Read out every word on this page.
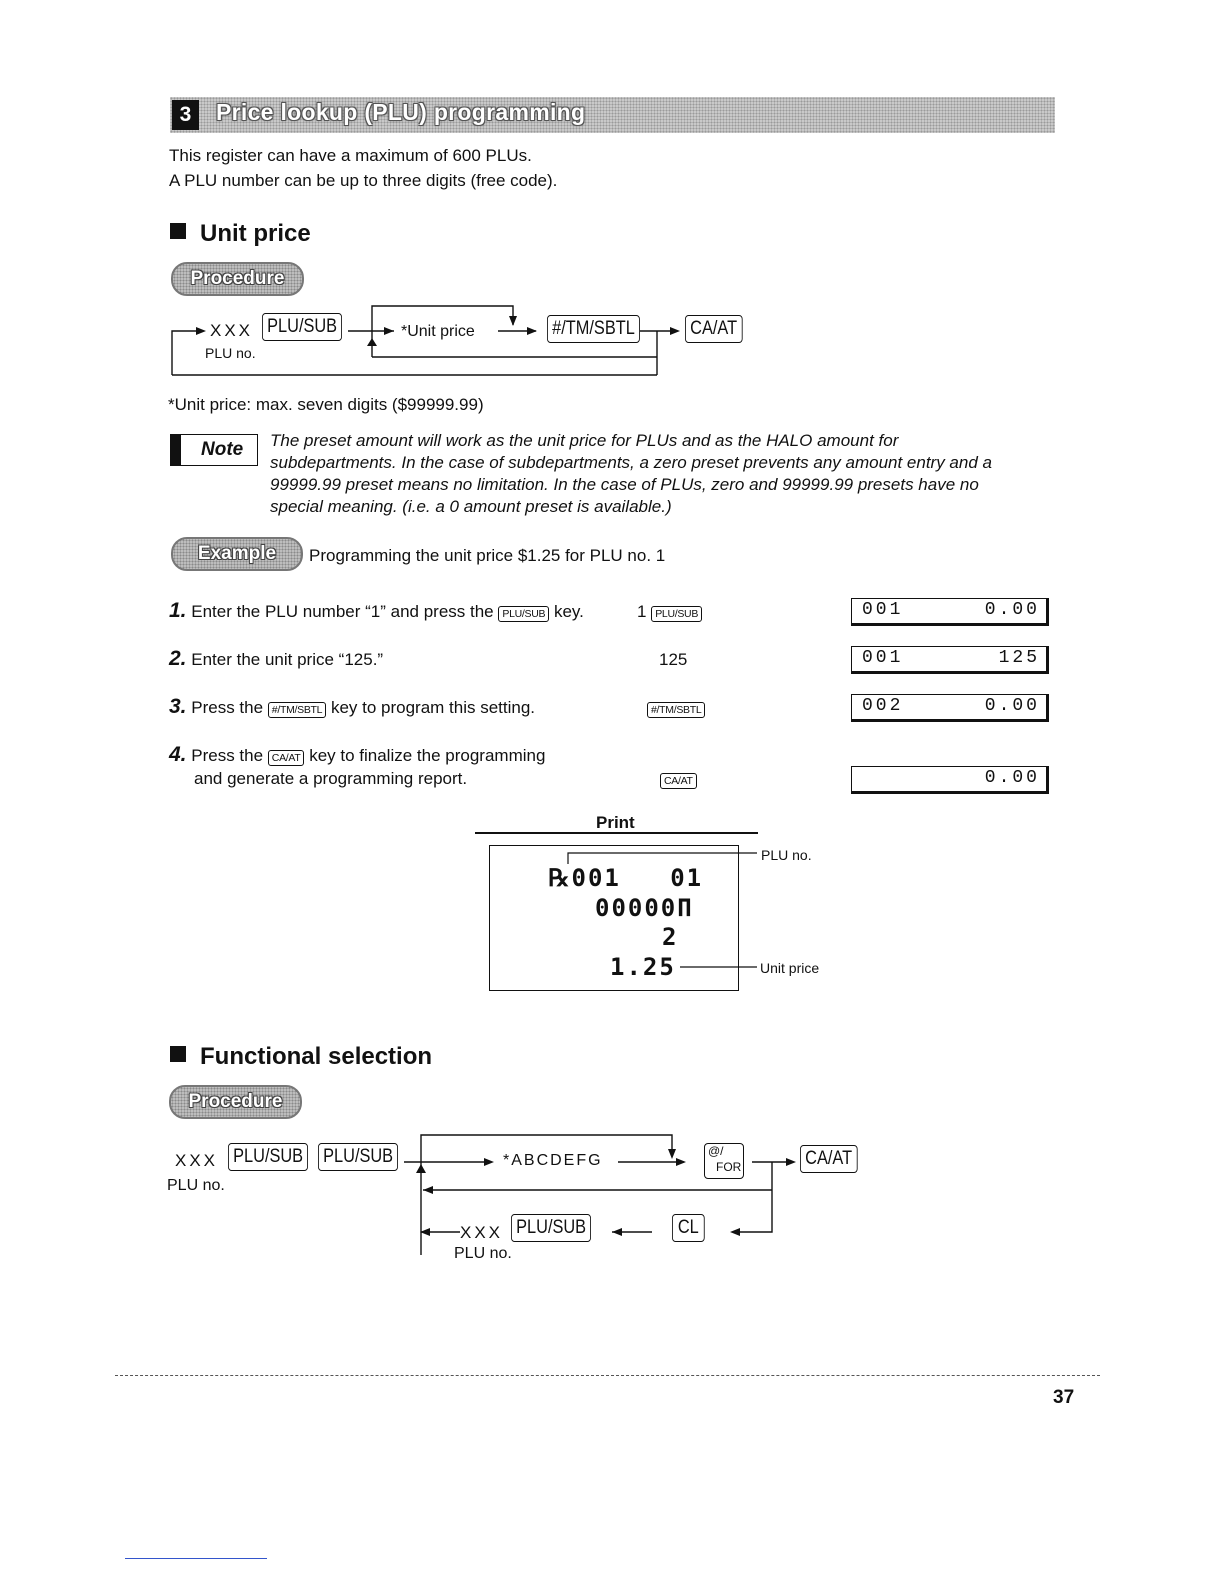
3	Price lookup (PLU) programming
This register can have a maximum of 600 PLUs.
A PLU number can be up to three digits (free code).
Unit price
Procedure
XXX
PLU no.
PLU/SUB	*Unit price	#/TM/SBTL	CA/AT
*Unit price: max. seven digits ($99999.99)
Note The preset amount will work as the unit price for PLUs and as the HALO amount for
subdepartments. In the case of subdepartments, a zero preset prevents any amount entry and a
99999.99 preset means no limitation. In the case of PLUs, zero and 99999.99 presets have no
special meaning. (i.e. a 0 amount preset is available.)
Example	Programming the unit price $1.25 for PLU no. 1
1. Enter the PLU number “1” and press the PLU/SUB key.	1 PLU/SUB	001	0.00
2. Enter the unit price “125.”	125	001	125
3. Press the #/TM/SBTL key to program this setting.	#/TM/SBTL	002	0.00
4. Press the CA/AT key to finalize the programming
and generate a programming report.	CA/AT	0.00
Print
℞001   01
00000Π
2
1.25
PLU no.
Unit price
Functional selection
Procedure
XXX
PLU no.
PLU/SUB PLU/SUB	*ABCDEFG
@/
FOR	CA/AT
XXX PLU/SUB
PLU no.
CL
37
